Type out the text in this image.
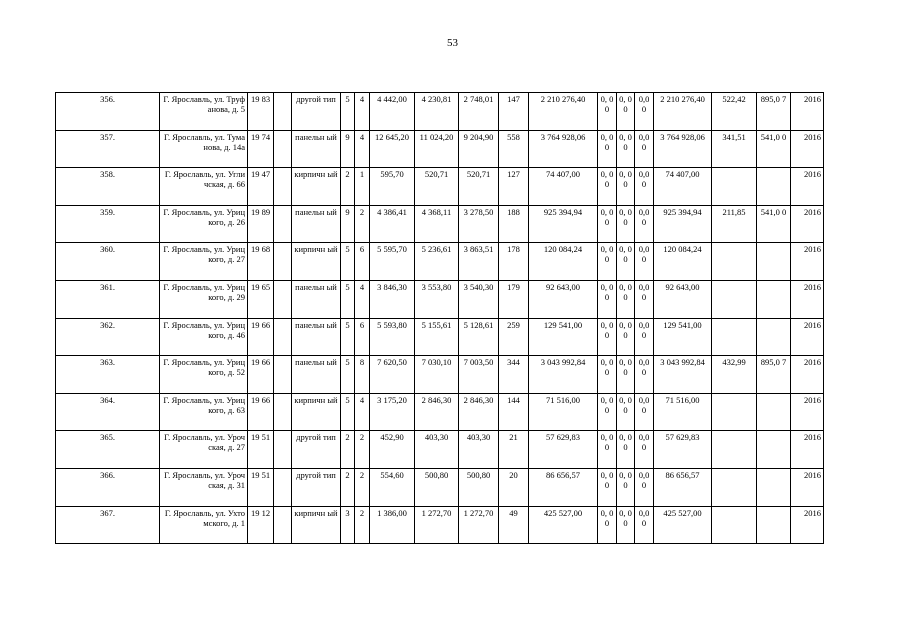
53
356.	Г. Ярославль, ул. Труфанова, д. 5	19 83		другой тип	5	4	4 442,00	4 230,81	2 748,01	147	2 210 276,40	0, 0 0	0, 0 0	0,0 0	2 210 276,40	522,42	895,0 7	2016
357.	Г. Ярославль, ул. Туманова, д. 14а	19 74		панельн ый	9	4	12 645,20	11 024,20	9 204,90	558	3 764 928,06	0, 0 0	0, 0 0	0,0 0	3 764 928,06	341,51	541,0 0	2016
358.	Г. Ярославль, ул. Угличская, д. 66	19 47		кирпичн ый	2	1	595,70	520,71	520,71	127	74 407,00	0, 0 0	0, 0 0	0,0 0	74 407,00			2016
359.	Г. Ярославль, ул. Урицкого, д. 26	19 89		панельн ый	9	2	4 386,41	4 368,11	3 278,50	188	925 394,94	0, 0 0	0, 0 0	0,0 0	925 394,94	211,85	541,0 0	2016
360.	Г. Ярославль, ул. Урицкого, д. 27	19 68		кирпичн ый	5	6	5 595,70	5 236,61	3 863,51	178	120 084,24	0, 0 0	0, 0 0	0,0 0	120 084,24			2016
361.	Г. Ярославль, ул. Урицкого, д. 29	19 65		панельн ый	5	4	3 846,30	3 553,80	3 540,30	179	92 643,00	0, 0 0	0, 0 0	0,0 0	92 643,00			2016
362.	Г. Ярославль, ул. Урицкого, д. 46	19 66		панельн ый	5	6	5 593,80	5 155,61	5 128,61	259	129 541,00	0, 0 0	0, 0 0	0,0 0	129 541,00			2016
363.	Г. Ярославль, ул. Урицкого, д. 52	19 66		панельн ый	5	8	7 620,50	7 030,10	7 003,50	344	3 043 992,84	0, 0 0	0, 0 0	0,0 0	3 043 992,84	432,99	895,0 7	2016
364.	Г. Ярославль, ул. Урицкого, д. 63	19 66		кирпичн ый	5	4	3 175,20	2 846,30	2 846,30	144	71 516,00	0, 0 0	0, 0 0	0,0 0	71 516,00			2016
365.	Г. Ярославль, ул. Урочская, д. 27	19 51		другой тип	2	2	452,90	403,30	403,30	21	57 629,83	0, 0 0	0, 0 0	0,0 0	57 629,83			2016
366.	Г. Ярославль, ул. Урочская, д. 31	19 51		другой тип	2	2	554,60	500,80	500,80	20	86 656,57	0, 0 0	0, 0 0	0,0 0	86 656,57			2016
367.	Г. Ярославль, ул. Ухтомского, д. 1	19 12		кирпичн ый	3	2	1 386,00	1 272,70	1 272,70	49	425 527,00	0, 0 0	0, 0 0	0,0 0	425 527,00			2016
